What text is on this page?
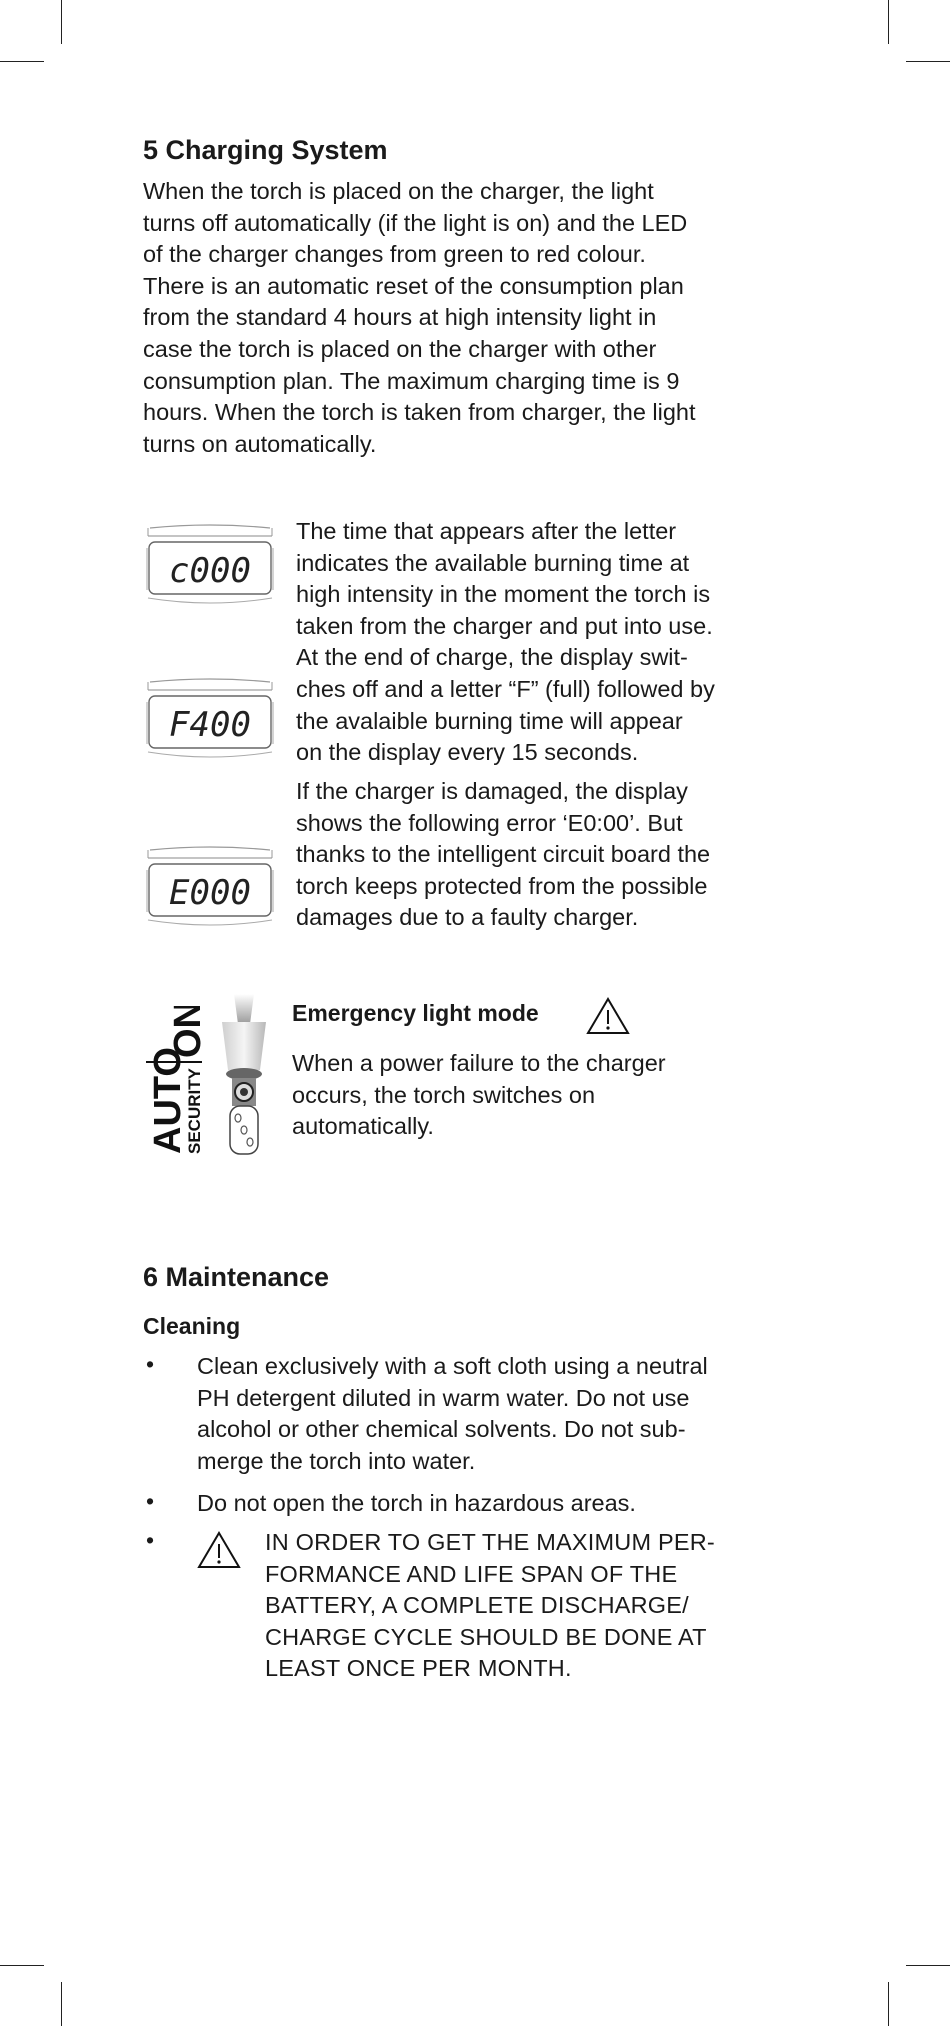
5 Charging System
When the torch is placed on the charger, the light
turns off automatically (if the light is on) and the LED
of the charger changes from green to red colour.
There is an automatic reset of the consumption plan
from the standard 4 hours at high intensity light in
case the torch is placed on the charger with other
consumption plan. The maximum charging time is 9
hours. When the torch is taken from charger, the light
turns on automatically.
c000
F400
E000
The time that appears after the letter
indicates the available burning time at
high intensity in the moment the torch is
taken from the charger and put into use.
At the end of charge, the display swit-
ches off and a letter “F” (full) followed by
the avalaible burning time will appear
on the display every 15 seconds.
If the charger is damaged, the display
shows the following error ‘E0:00’. But
thanks to the intelligent circuit board the
torch keeps protected from the possible
damages due to a faulty charger.
AUTO
SECURITY
ON	Emergency light mode
When a power failure to the charger
occurs, the torch switches on
automatically.
6 Maintenance
Cleaning
• Clean exclusively with a soft cloth using a neutral
PH detergent diluted in warm water. Do not use
alcohol or other chemical solvents. Do not sub-
merge the torch into water.
• Do not open the torch in hazardous areas.
•	IN ORDER TO GET THE MAXIMUM PER-
FORMANCE AND LIFE SPAN OF THE
BATTERY, A COMPLETE DISCHARGE/
CHARGE CYCLE SHOULD BE DONE AT
LEAST ONCE PER MONTH.
